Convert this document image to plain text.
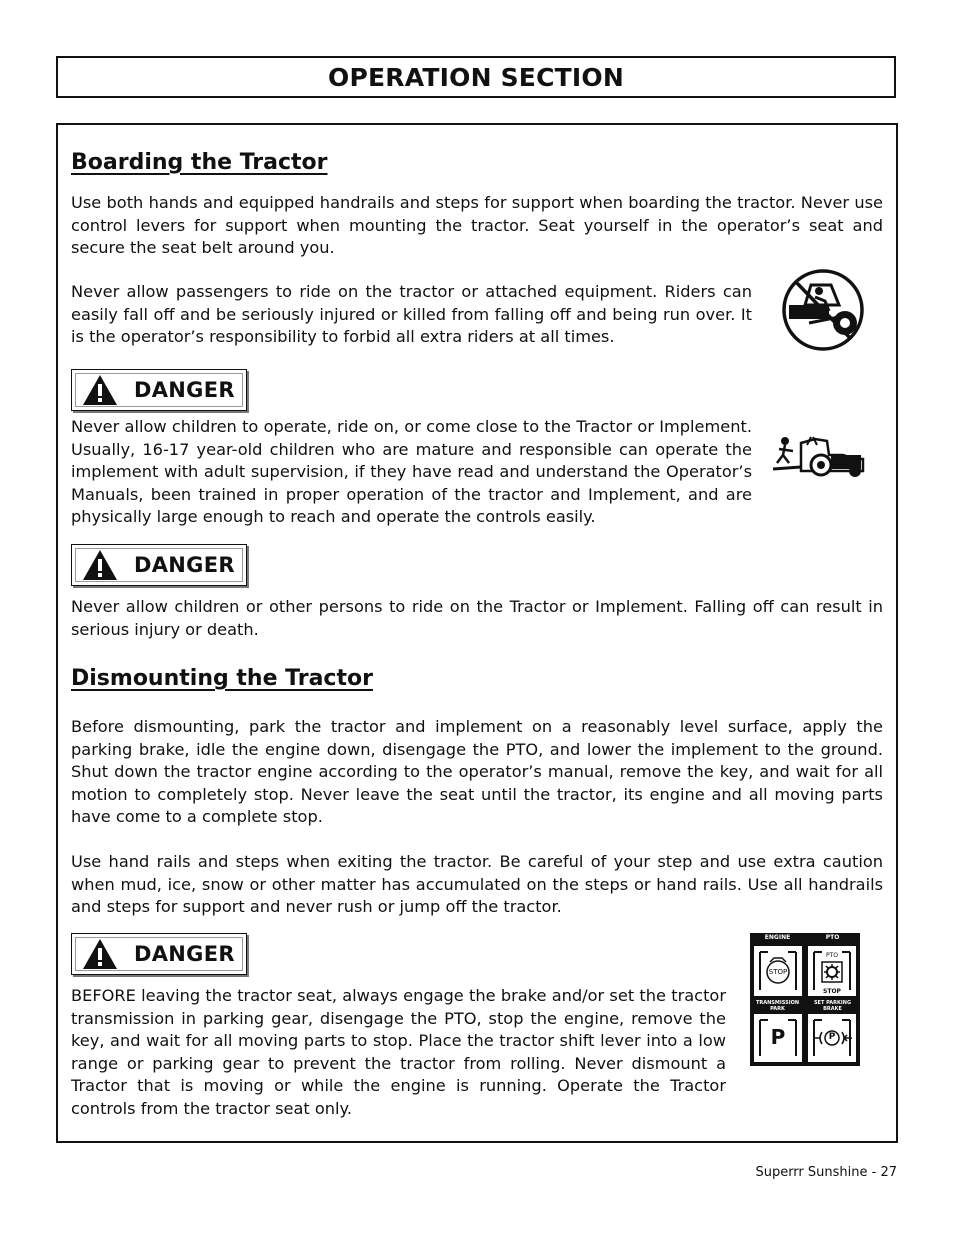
OPERATION SECTION
Boarding the Tractor

Use both hands and equipped handrails and steps for support when boarding the tractor. Never use control levers for support when mounting the tractor. Seat yourself in the operator’s seat and secure the seat belt around you.

Never allow passengers to ride on the tractor or attached equipment. Riders can easily fall off and be seriously injured or killed from falling off and being run over. It is the operator’s responsibility to forbid all extra riders at all times.

DANGER

Never allow children to operate, ride on, or come close to the Tractor or Implement. Usually, 16-17 year-old children who are mature and responsible can operate the implement with adult supervision, if they have read and understand the Operator’s Manuals, been trained in proper operation of the tractor and Implement, and are physically large enough to reach and operate the controls easily.

DANGER

Never allow children or other persons to ride on the Tractor or Implement. Falling off can result in serious injury or death.

Dismounting the Tractor

Before dismounting, park the tractor and implement on a reasonably level surface, apply the parking brake, idle the engine down, disengage the PTO, and lower the implement to the ground. Shut down the tractor engine according to the operator’s manual, remove the key, and wait for all motion to completely stop. Never leave the seat until the tractor, its engine and all moving parts have come to a complete stop.

Use hand rails and steps when exiting the tractor. Be careful of your step and use extra caution when mud, ice, snow or other matter has accumulated on the steps or hand rails. Use all handrails and steps for support and never rush or jump off the tractor.

DANGER

BEFORE leaving the tractor seat, always engage the brake and/or set the tractor transmission in parking gear, disengage the PTO, stop the engine, remove the key, and wait for all moving parts to stop. Place the tractor shift lever into a low range or parking gear to prevent the tractor from rolling. Never dismount a Tractor that is moving or while the engine is running. Operate the Tractor controls from the tractor seat only.

ENGINE	PTO
STOP
PTO
STOP
TRANSMISSION PARK
SET PARKING BRAKE
P	P
Superrr Sunshine - 27
